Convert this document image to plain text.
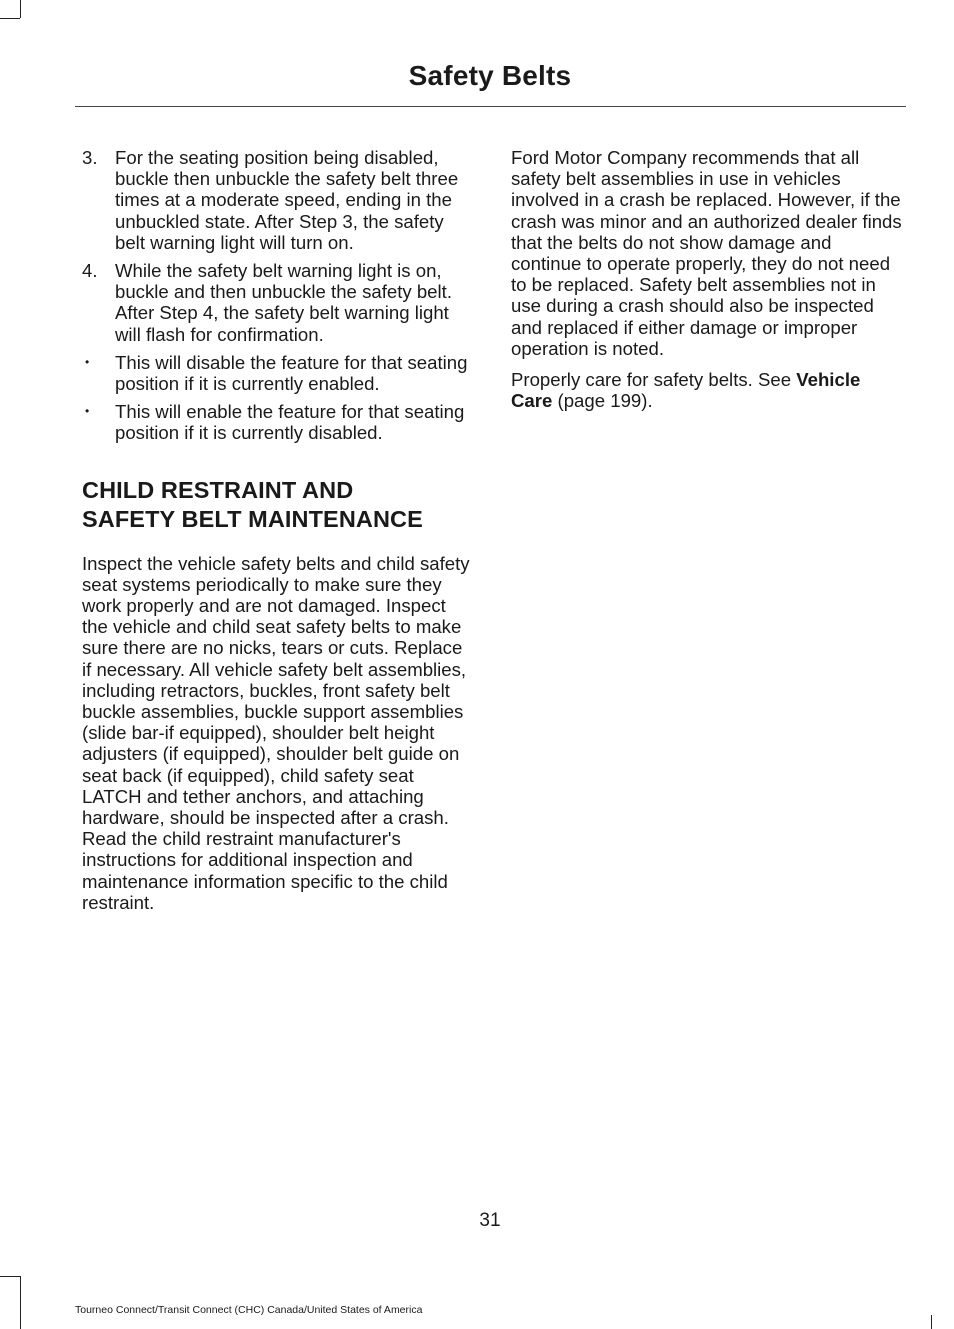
Safety Belts
3. For the seating position being disabled, buckle then unbuckle the safety belt three times at a moderate speed, ending in the unbuckled state. After Step 3, the safety belt warning light will turn on.
4. While the safety belt warning light is on, buckle and then unbuckle the safety belt. After Step 4, the safety belt warning light will flash for confirmation.
• This will disable the feature for that seating position if it is currently enabled.
• This will enable the feature for that seating position if it is currently disabled.
CHILD RESTRAINT AND
SAFETY BELT MAINTENANCE

Inspect the vehicle safety belts and child safety seat systems periodically to make sure they work properly and are not damaged. Inspect the vehicle and child seat safety belts to make sure there are no nicks, tears or cuts. Replace if necessary. All vehicle safety belt assemblies, including retractors, buckles, front safety belt buckle assemblies, buckle support assemblies (slide bar-if equipped), shoulder belt height adjusters (if equipped), shoulder belt guide on seat back (if equipped), child safety seat LATCH and tether anchors, and attaching hardware, should be inspected after a crash. Read the child restraint manufacturer's instructions for additional inspection and maintenance information specific to the child restraint.

Ford Motor Company recommends that all safety belt assemblies in use in vehicles involved in a crash be replaced. However, if the crash was minor and an authorized dealer finds that the belts do not show damage and continue to operate properly, they do not need to be replaced. Safety belt assemblies not in use during a crash should also be inspected and replaced if either damage or improper operation is noted.

Properly care for safety belts. See Vehicle Care (page 199).

31
Tourneo Connect/Transit Connect (CHC) Canada/United States of America
